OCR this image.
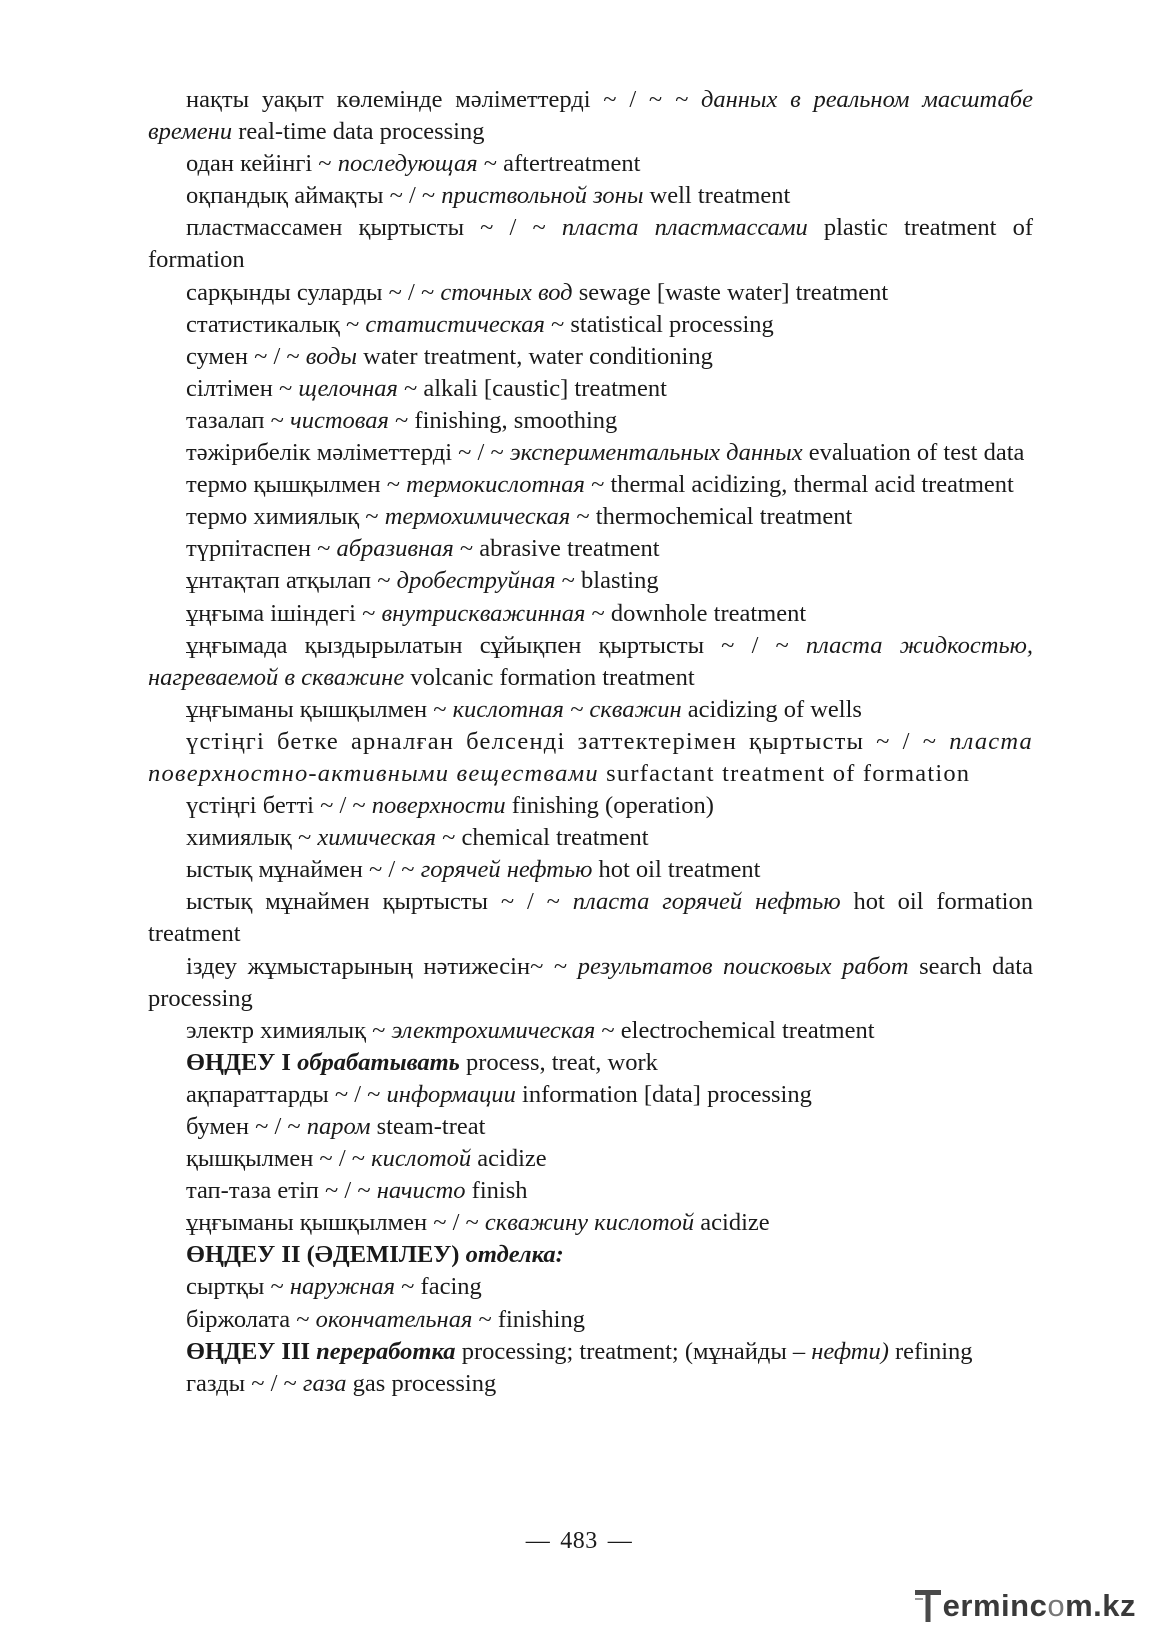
нақты уақыт көлемінде мәліметтерді ~ / ~ ~ данных в реальном масштабе времени real-time data processing

одан кейінгі ~ последующая ~ aftertreatment

оқпандық аймақты ~ / ~ приствольной зоны well treatment

пластмассамен қыртысты ~ / ~ пласта пластмассами plastic treatment of formation

сарқынды суларды ~ / ~ сточных вод sewage [waste water] treatment

статистикалық ~ статистическая ~ statistical processing

сумен ~ / ~ воды water treatment, water conditioning

сілтімен ~ щелочная ~ alkali [caustic] treatment

тазалап ~ чистовая ~ finishing, smoothing

тәжірибелік мәліметтерді ~ / ~ экспериментальных данных evaluation of test data

термо қышқылмен ~ термокислотная ~ thermal acidizing, thermal acid treatment

термо химиялық ~ термохимическая ~ thermochemical treatment

түрпітаспен ~ абразивная ~ abrasive treatment

ұнтақтап атқылап ~ дробеструйная ~ blasting

ұңғыма ішіндегі ~ внутрискважинная ~ downhole treatment

ұңғымада қыздырылатын сұйықпен қыртысты ~ / ~ пласта жидкостью, нагреваемой в скважине volcanic formation treatment

ұңғыманы қышқылмен ~ кислотная ~ скважин acidizing of wells

үстіңгі бетке арналған белсенді заттектерімен қыртысты ~ / ~ пласта поверхностно-активными веществами surfactant treatment of formation

үстіңгі бетті ~ / ~ поверхности finishing (operation)

химиялық ~ химическая ~ chemical treatment

ыстық мұнаймен ~ / ~ горячей нефтью hot oil treatment

ыстық мұнаймен қыртысты ~ / ~ пласта горячей нефтью hot oil formation treatment

іздеу жұмыстарының нәтижесін~ ~ результатов поисковых работ search data processing

электр химиялық ~ электрохимическая ~ electrochemical treatment

ӨҢДЕУ I обрабатывать process, treat, work

ақпараттарды ~ / ~ информации information [data] processing

бумен ~ / ~ паром steam-treat

қышқылмен ~ / ~ кислотой acidize

тап-таза етіп ~ / ~ начисто finish

ұңғыманы қышқылмен ~ / ~ скважину кислотой acidize

ӨҢДЕУ II (ӘДЕМІЛЕУ) отделка:

сыртқы ~ наружная ~ facing

біржолата ~ окончательная ~ finishing

ӨҢДЕУ III переработка processing; treatment; (мұнайды – нефти) refining

газды ~ / ~ газа gas processing

— 483 —
erminc o m.kz
